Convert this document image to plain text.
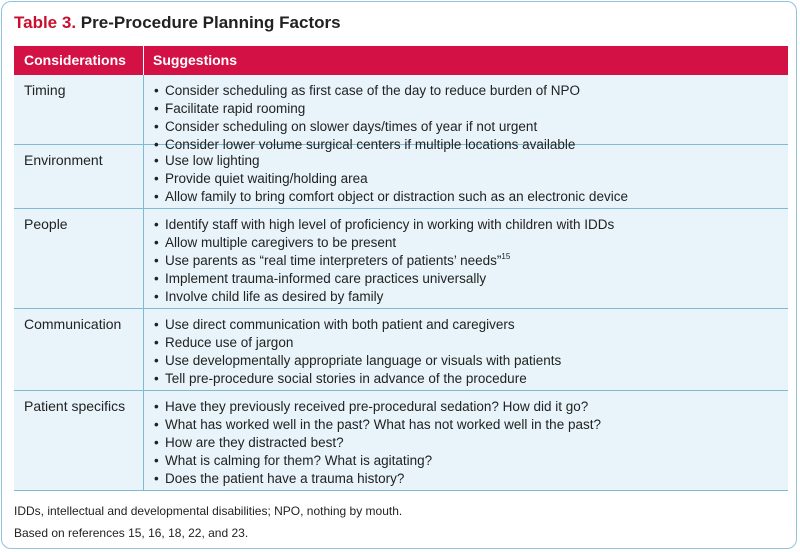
Table 3. Pre-Procedure Planning Factors
Considerations	Suggestions
Timing	• Consider scheduling as first case of the day to reduce burden of NPO
• Facilitate rapid rooming
• Consider scheduling on slower days/times of year if not urgent
• Consider lower volume surgical centers if multiple locations available
Environment	• Use low lighting
• Provide quiet waiting/holding area
• Allow family to bring comfort object or distraction such as an electronic device
People	• Identify staff with high level of proficiency in working with children with IDDs
• Allow multiple caregivers to be present
• Use parents as “real time interpreters of patients’ needs”$^{15}$
• Implement trauma-informed care practices universally
• Involve child life as desired by family
Communication	• Use direct communication with both patient and caregivers
• Reduce use of jargon
• Use developmentally appropriate language or visuals with patients
• Tell pre-procedure social stories in advance of the procedure
Patient specifics	• Have they previously received pre-procedural sedation? How did it go?
• What has worked well in the past? What has not worked well in the past?
• How are they distracted best?
• What is calming for them? What is agitating?
• Does the patient have a trauma history?
IDDs, intellectual and developmental disabilities; NPO, nothing by mouth.
Based on references 15, 16, 18, 22, and 23.
